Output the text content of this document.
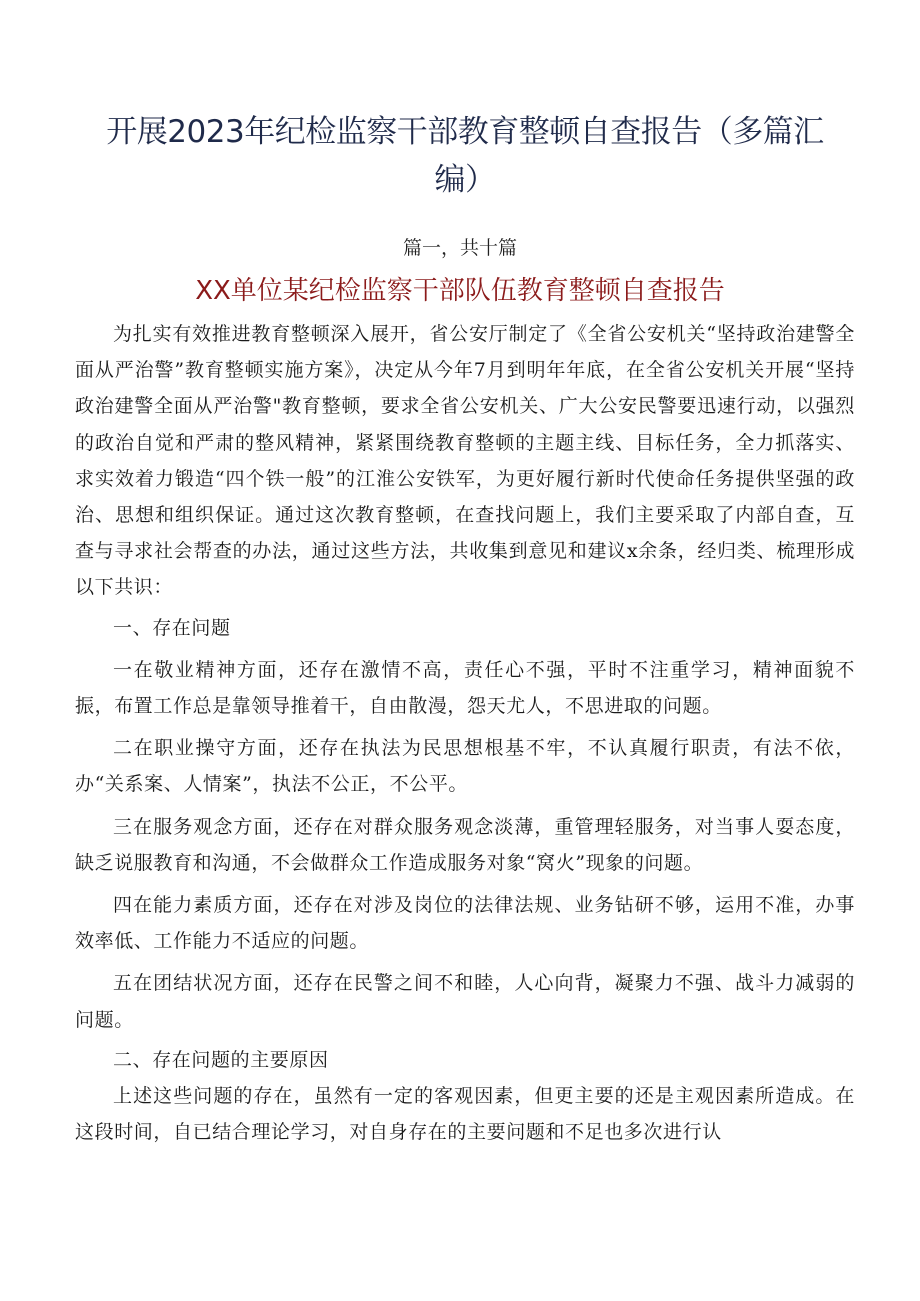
开展2023年纪检监察干部教育整顿自查报告（多篇汇编）
篇一，共十篇
XX单位某纪检监察干部队伍教育整顿自查报告

为扎实有效推进教育整顿深入展开，省公安厅制定了《全省公安机关“坚持政治建警全面从严治警”教育整顿实施方案》，决定从今年7月到明年年底，在全省公安机关开展“坚持政治建警全面从严治警"教育整顿，要求全省公安机关、广大公安民警要迅速行动，以强烈的政治自觉和严肃的整风精神，紧紧围绕教育整顿的主题主线、目标任务，全力抓落实、求实效着力锻造“四个铁一般”的江淮公安铁军，为更好履行新时代使命任务提供坚强的政治、思想和组织保证。通过这次教育整顿，在查找问题上，我们主要采取了内部自查，互查与寻求社会帮查的办法，通过这些方法，共收集到意见和建议x余条，经归类、梳理形成以下共识：

一、存在问题

一在敬业精神方面，还存在激情不高，责任心不强，平时不注重学习，精神面貌不振，布置工作总是靠领导推着干，自由散漫，怨天尤人，不思进取的问题。

二在职业操守方面，还存在执法为民思想根基不牢，不认真履行职责，有法不依，办“关系案、人情案”，执法不公正，不公平。

三在服务观念方面，还存在对群众服务观念淡薄，重管理轻服务，对当事人耍态度，缺乏说服教育和沟通，不会做群众工作造成服务对象“窝火”现象的问题。

四在能力素质方面，还存在对涉及岗位的法律法规、业务钻研不够，运用不准，办事效率低、工作能力不适应的问题。

五在团结状况方面，还存在民警之间不和睦，人心向背，凝聚力不强、战斗力减弱的问题。

二、存在问题的主要原因

上述这些问题的存在，虽然有一定的客观因素，但更主要的还是主观因素所造成。在这段时间，自已结合理论学习，对自身存在的主要问题和不足也多次进行认
